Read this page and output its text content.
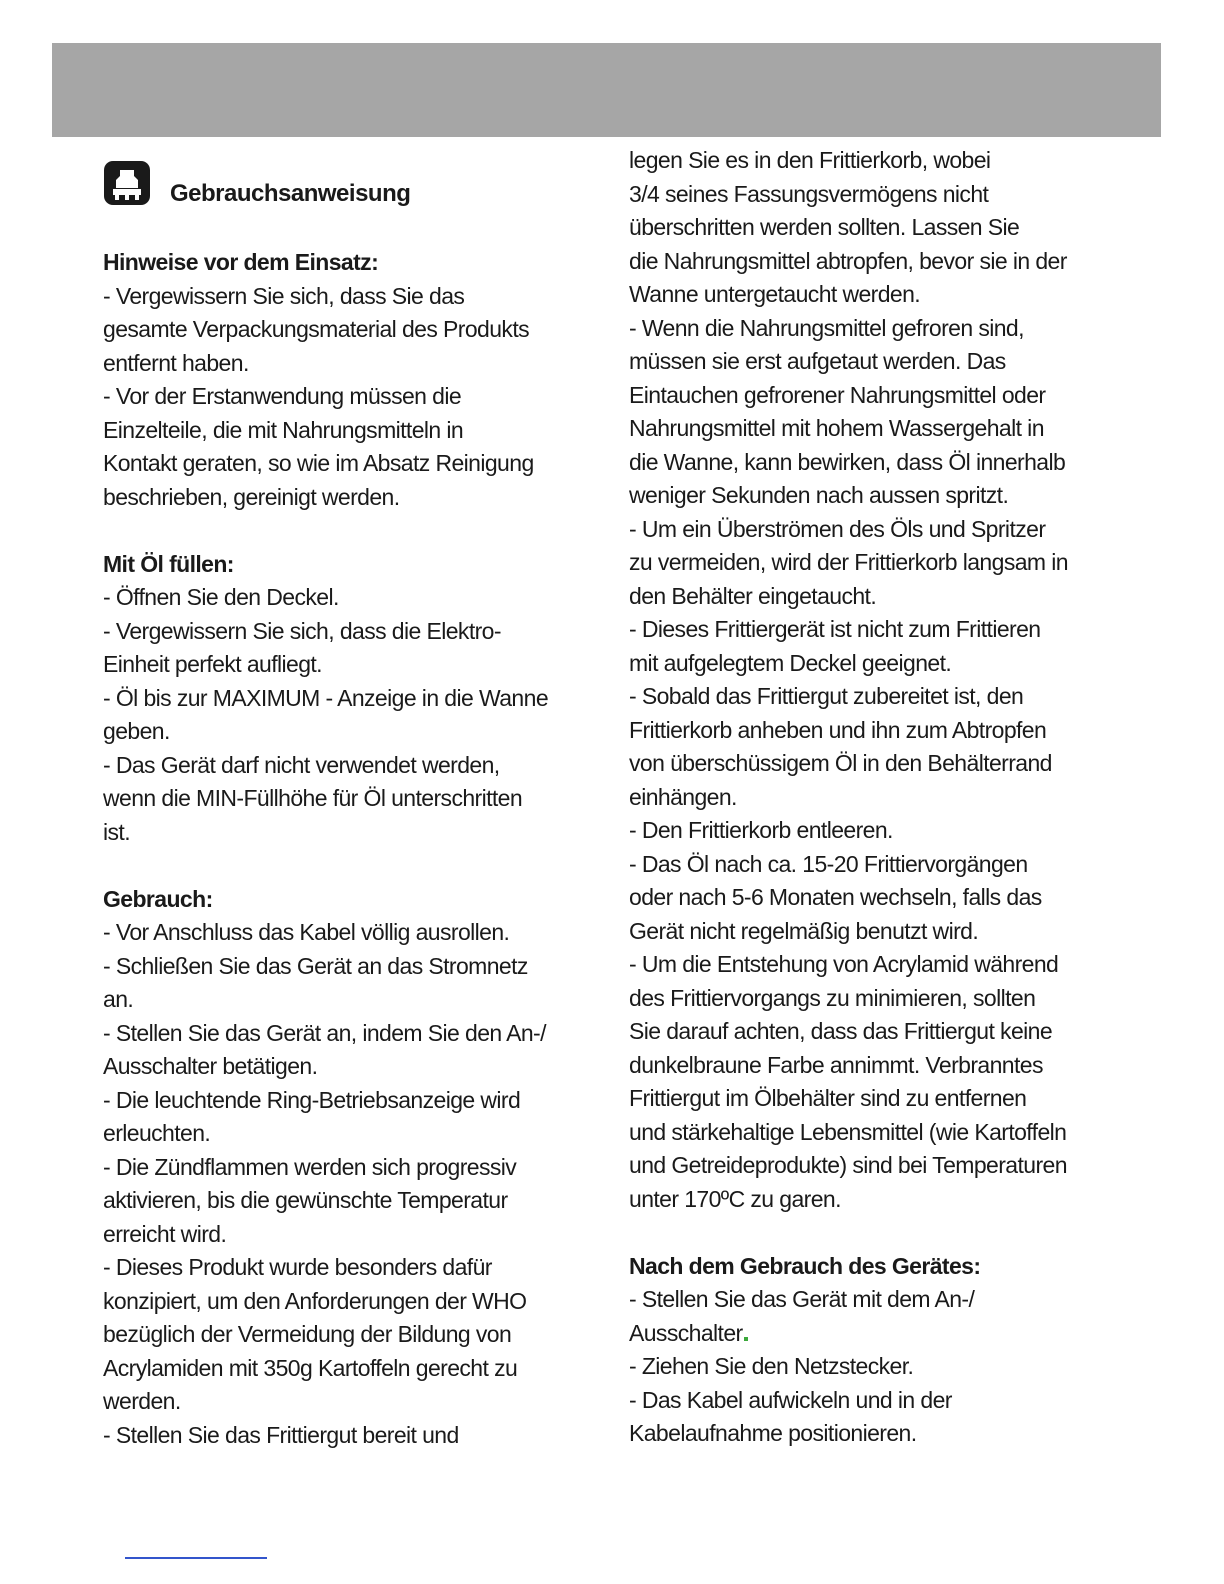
Gebrauchsanweisung
Hinweise vor dem Einsatz:
- Vergewissern Sie sich, dass Sie das
gesamte Verpackungsmaterial des Produkts
entfernt haben.
- Vor der Erstanwendung müssen die
Einzelteile, die mit Nahrungsmitteln in
Kontakt geraten, so wie im Absatz Reinigung
beschrieben, gereinigt werden.
Mit Öl füllen:
- Öffnen Sie den Deckel.
- Vergewissern Sie sich, dass die Elektro-
Einheit perfekt aufliegt.
- Öl bis zur MAXIMUM - Anzeige in die Wanne
geben.
- Das Gerät darf nicht verwendet werden,
wenn die MIN-Füllhöhe für Öl unterschritten
ist.
Gebrauch:
- Vor Anschluss das Kabel völlig ausrollen.
- Schließen Sie das Gerät an das Stromnetz
an.
- Stellen Sie das Gerät an, indem Sie den An-/
Ausschalter betätigen.
- Die leuchtende Ring-Betriebsanzeige wird
erleuchten.
- Die Zündflammen werden sich progressiv
aktivieren, bis die gewünschte Temperatur
erreicht wird.
- Dieses Produkt wurde besonders dafür
konzipiert, um den Anforderungen der WHO
bezüglich der Vermeidung der Bildung von
Acrylamiden mit 350g Kartoffeln gerecht zu
werden.
- Stellen Sie das Frittiergut bereit und
legen Sie es in den Frittierkorb, wobei
3/4 seines Fassungsvermögens nicht
überschritten werden sollten. Lassen Sie
die Nahrungsmittel abtropfen, bevor sie in der
Wanne untergetaucht werden.
- Wenn die Nahrungsmittel gefroren sind,
müssen sie erst aufgetaut werden. Das
Eintauchen gefrorener Nahrungsmittel oder
Nahrungsmittel mit hohem Wassergehalt in
die Wanne, kann bewirken, dass Öl innerhalb
weniger Sekunden nach aussen spritzt.
- Um ein Überströmen des Öls und Spritzer
zu vermeiden, wird der Frittierkorb langsam in
den Behälter eingetaucht.
- Dieses Frittiergerät ist nicht zum Frittieren
mit aufgelegtem Deckel geeignet.
- Sobald das Frittiergut zubereitet ist, den
Frittierkorb anheben und ihn zum Abtropfen
von überschüssigem Öl in den Behälterrand
einhängen.
- Den Frittierkorb entleeren.
- Das Öl nach ca. 15-20 Frittiervorgängen
oder nach 5-6 Monaten wechseln, falls das
Gerät nicht regelmäßig benutzt wird.
- Um die Entstehung von Acrylamid während
des Frittiervorgangs zu minimieren, sollten
Sie darauf achten, dass das Frittiergut keine
dunkelbraune Farbe annimmt. Verbranntes
Frittiergut im Ölbehälter sind zu entfernen
und stärkehaltige Lebensmittel (wie Kartoffeln
und Getreideprodukte) sind bei Temperaturen
unter 170ºC zu garen.
Nach dem Gebrauch des Gerätes:
- Stellen Sie das Gerät mit dem An-/
Ausschalter
- Ziehen Sie den Netzstecker.
- Das Kabel aufwickeln und in der
Kabelaufnahme positionieren.
